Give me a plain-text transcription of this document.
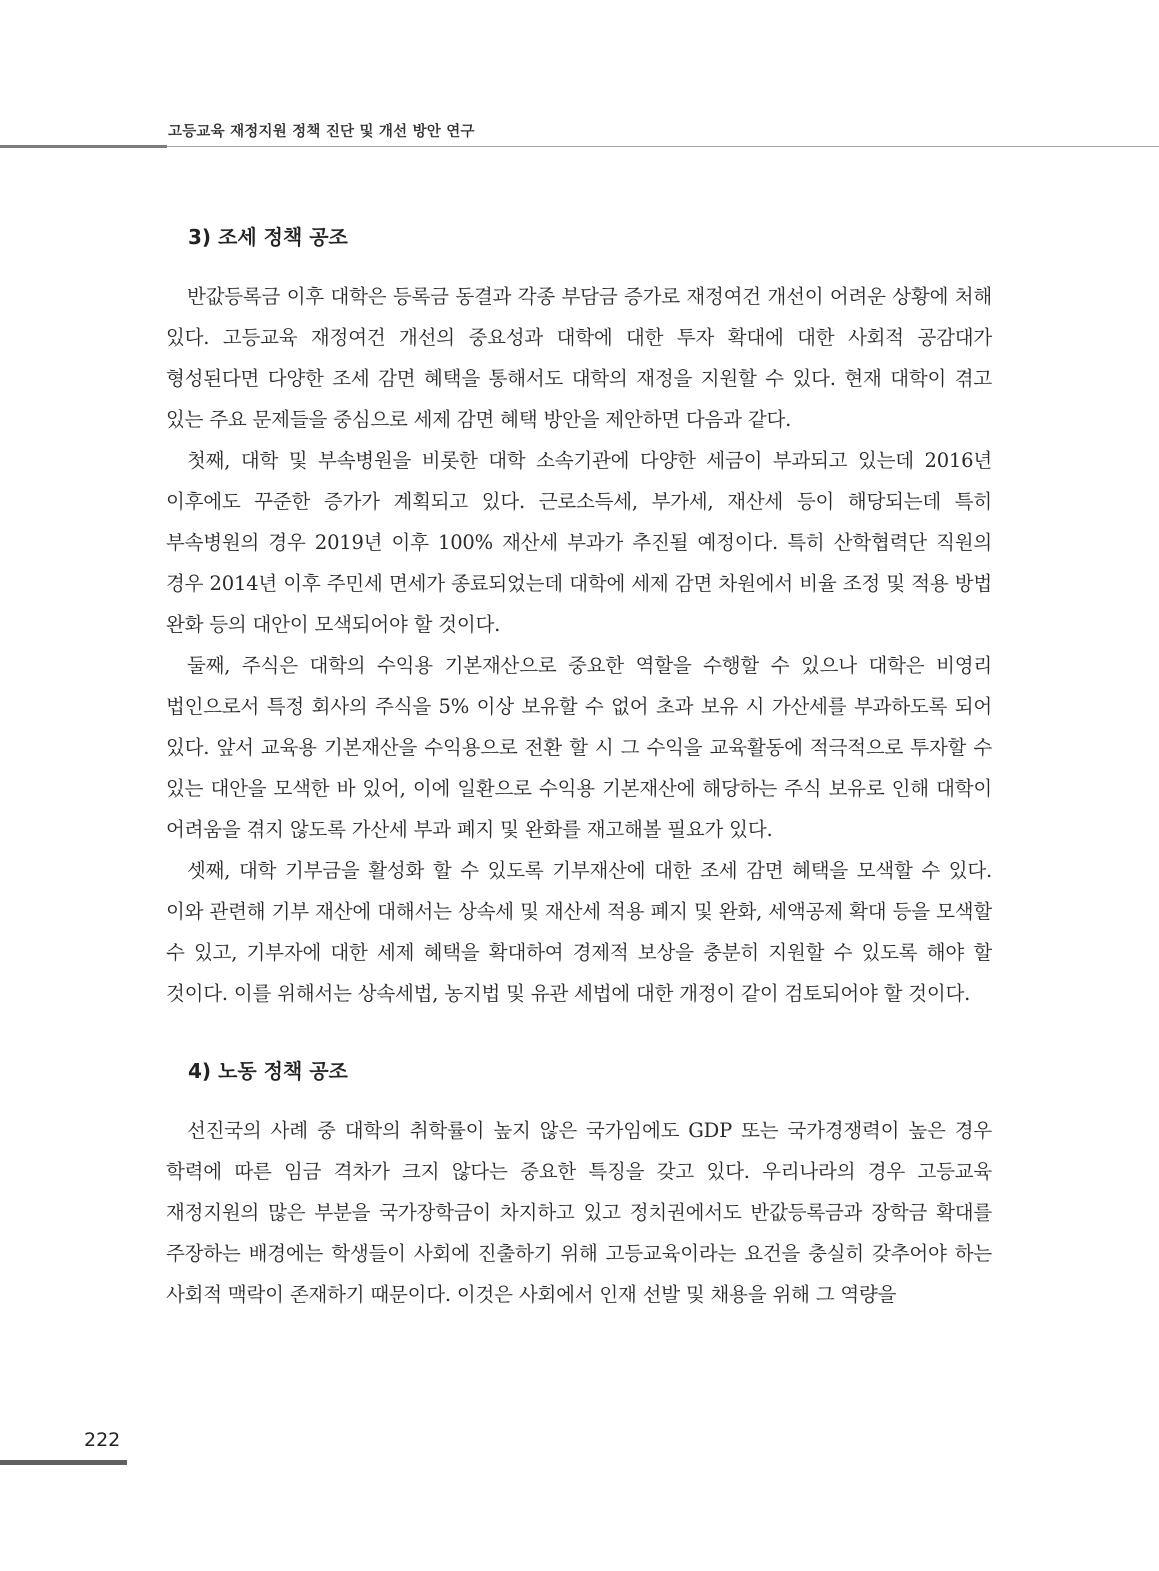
고등교육 재정지원 정책 진단 및 개선 방안 연구
3) 조세 정책 공조

반값등록금 이후 대학은 등록금 동결과 각종 부담금 증가로 재정여건 개선이 어려운 상황에 처해 있다. 고등교육 재정여건 개선의 중요성과 대학에 대한 투자 확대에 대한 사회적 공감대가 형성된다면 다양한 조세 감면 혜택을 통해서도 대학의 재정을 지원할 수 있다. 현재 대학이 겪고 있는 주요 문제들을 중심으로 세제 감면 혜택 방안을 제안하면 다음과 같다.

첫째, 대학 및 부속병원을 비롯한 대학 소속기관에 다양한 세금이 부과되고 있는데 2016년 이후에도 꾸준한 증가가 계획되고 있다. 근로소득세, 부가세, 재산세 등이 해당되는데 특히 부속병원의 경우 2019년 이후 100% 재산세 부과가 추진될 예정이다. 특히 산학협력단 직원의 경우 2014년 이후 주민세 면세가 종료되었는데 대학에 세제 감면 차원에서 비율 조정 및 적용 방법 완화 등의 대안이 모색되어야 할 것이다.

둘째, 주식은 대학의 수익용 기본재산으로 중요한 역할을 수행할 수 있으나 대학은 비영리 법인으로서 특정 회사의 주식을 5% 이상 보유할 수 없어 초과 보유 시 가산세를 부과하도록 되어 있다. 앞서 교육용 기본재산을 수익용으로 전환 할 시 그 수익을 교육활동에 적극적으로 투자할 수 있는 대안을 모색한 바 있어, 이에 일환으로 수익용 기본재산에 해당하는 주식 보유로 인해 대학이 어려움을 겪지 않도록 가산세 부과 폐지 및 완화를 재고해볼 필요가 있다.

셋째, 대학 기부금을 활성화 할 수 있도록 기부재산에 대한 조세 감면 혜택을 모색할 수 있다. 이와 관련해 기부 재산에 대해서는 상속세 및 재산세 적용 폐지 및 완화, 세액공제 확대 등을 모색할 수 있고, 기부자에 대한 세제 혜택을 확대하여 경제적 보상을 충분히 지원할 수 있도록 해야 할 것이다. 이를 위해서는 상속세법, 농지법 및 유관 세법에 대한 개정이 같이 검토되어야 할 것이다.

4) 노동 정책 공조

선진국의 사례 중 대학의 취학률이 높지 않은 국가임에도 GDP 또는 국가경쟁력이 높은 경우 학력에 따른 임금 격차가 크지 않다는 중요한 특징을 갖고 있다. 우리나라의 경우 고등교육 재정지원의 많은 부분을 국가장학금이 차지하고 있고 정치권에서도 반값등록금과 장학금 확대를 주장하는 배경에는 학생들이 사회에 진출하기 위해 고등교육이라는 요건을 충실히 갖추어야 하는 사회적 맥락이 존재하기 때문이다. 이것은 사회에서 인재 선발 및 채용을 위해 그 역량을

222
